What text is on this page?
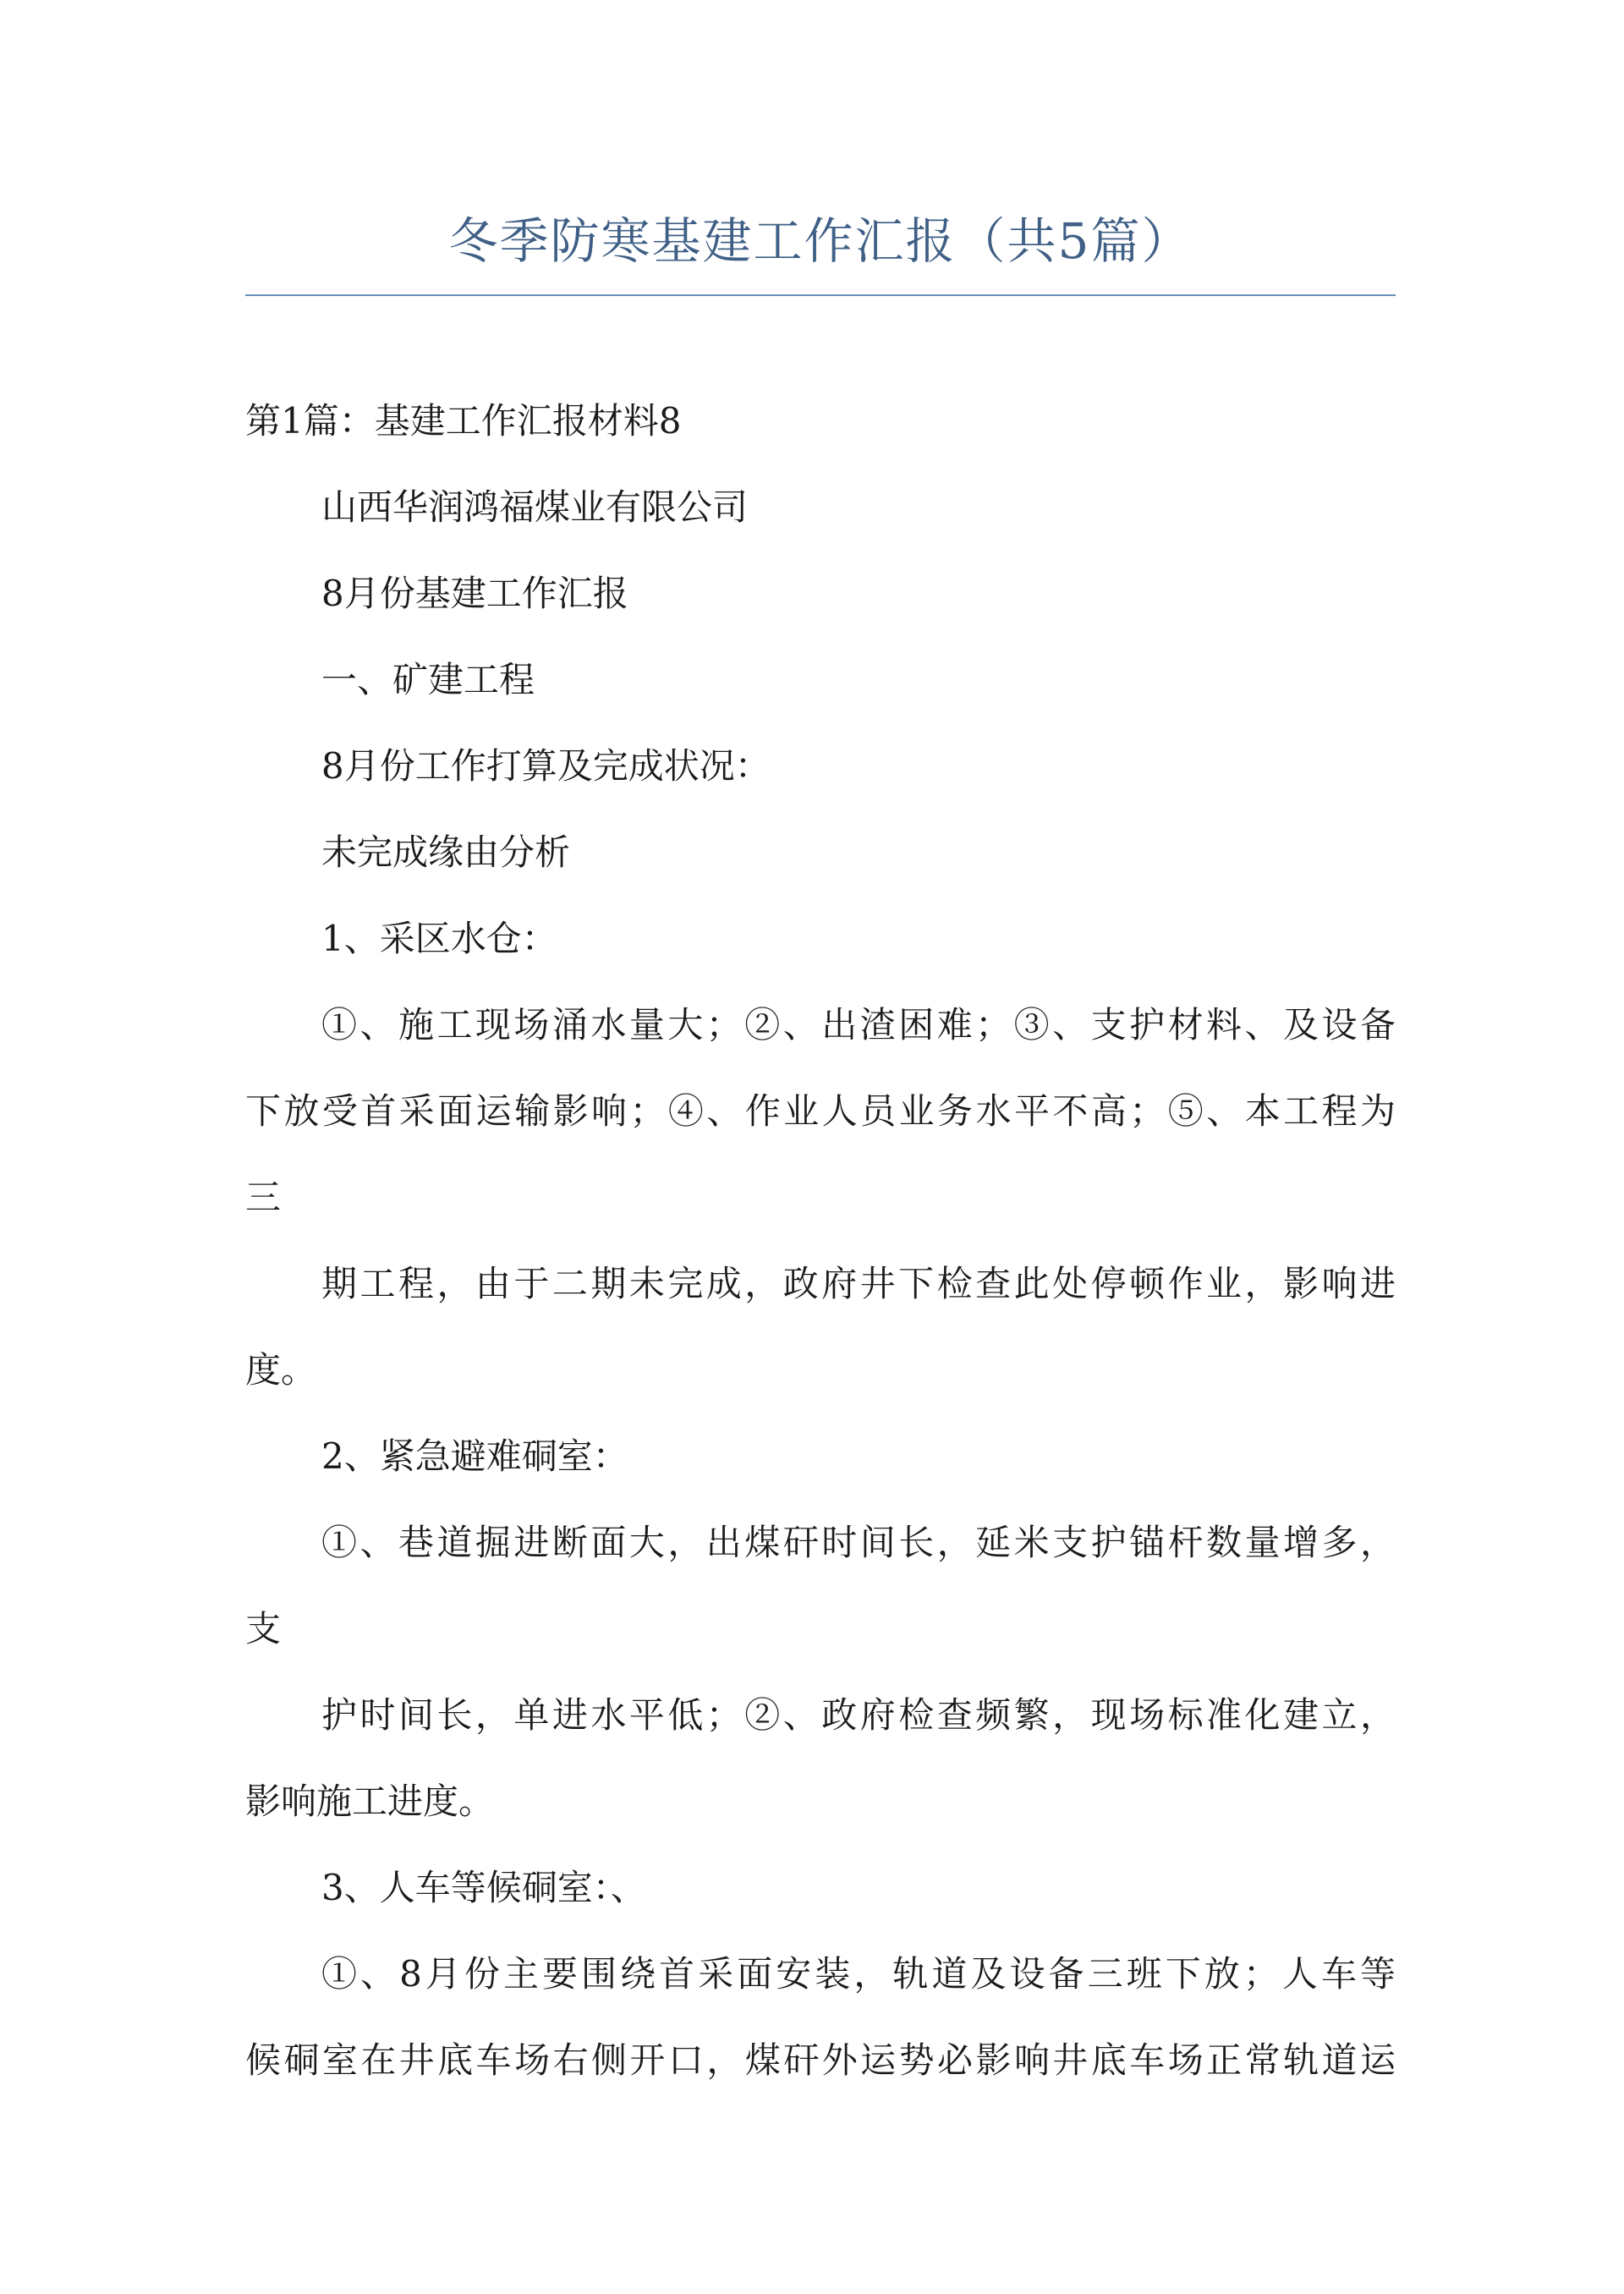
冬季防寒基建工作汇报（共5篇）
第1篇：基建工作汇报材料8
山西华润鸿福煤业有限公司
8月份基建工作汇报
一、矿建工程
8月份工作打算及完成状况：
未完成缘由分析
1、采区水仓：
①、施工现场涌水量大；②、出渣困难；③、支护材料、及设备
下放受首采面运输影响；④、作业人员业务水平不高；⑤、本工程为
三
期工程，由于二期未完成，政府井下检查此处停顿作业，影响进
度。
2、紧急避难硐室：
①、巷道掘进断面大，出煤矸时间长，延米支护锚杆数量增多，
支
护时间长，单进水平低；②、政府检查频繁，现场标准化建立，
影响施工进度。
3、人车等候硐室：、
①、8月份主要围绕首采面安装，轨道及设备三班下放；人车等
候硐室在井底车场右侧开口，煤矸外运势必影响井底车场正常轨道运
